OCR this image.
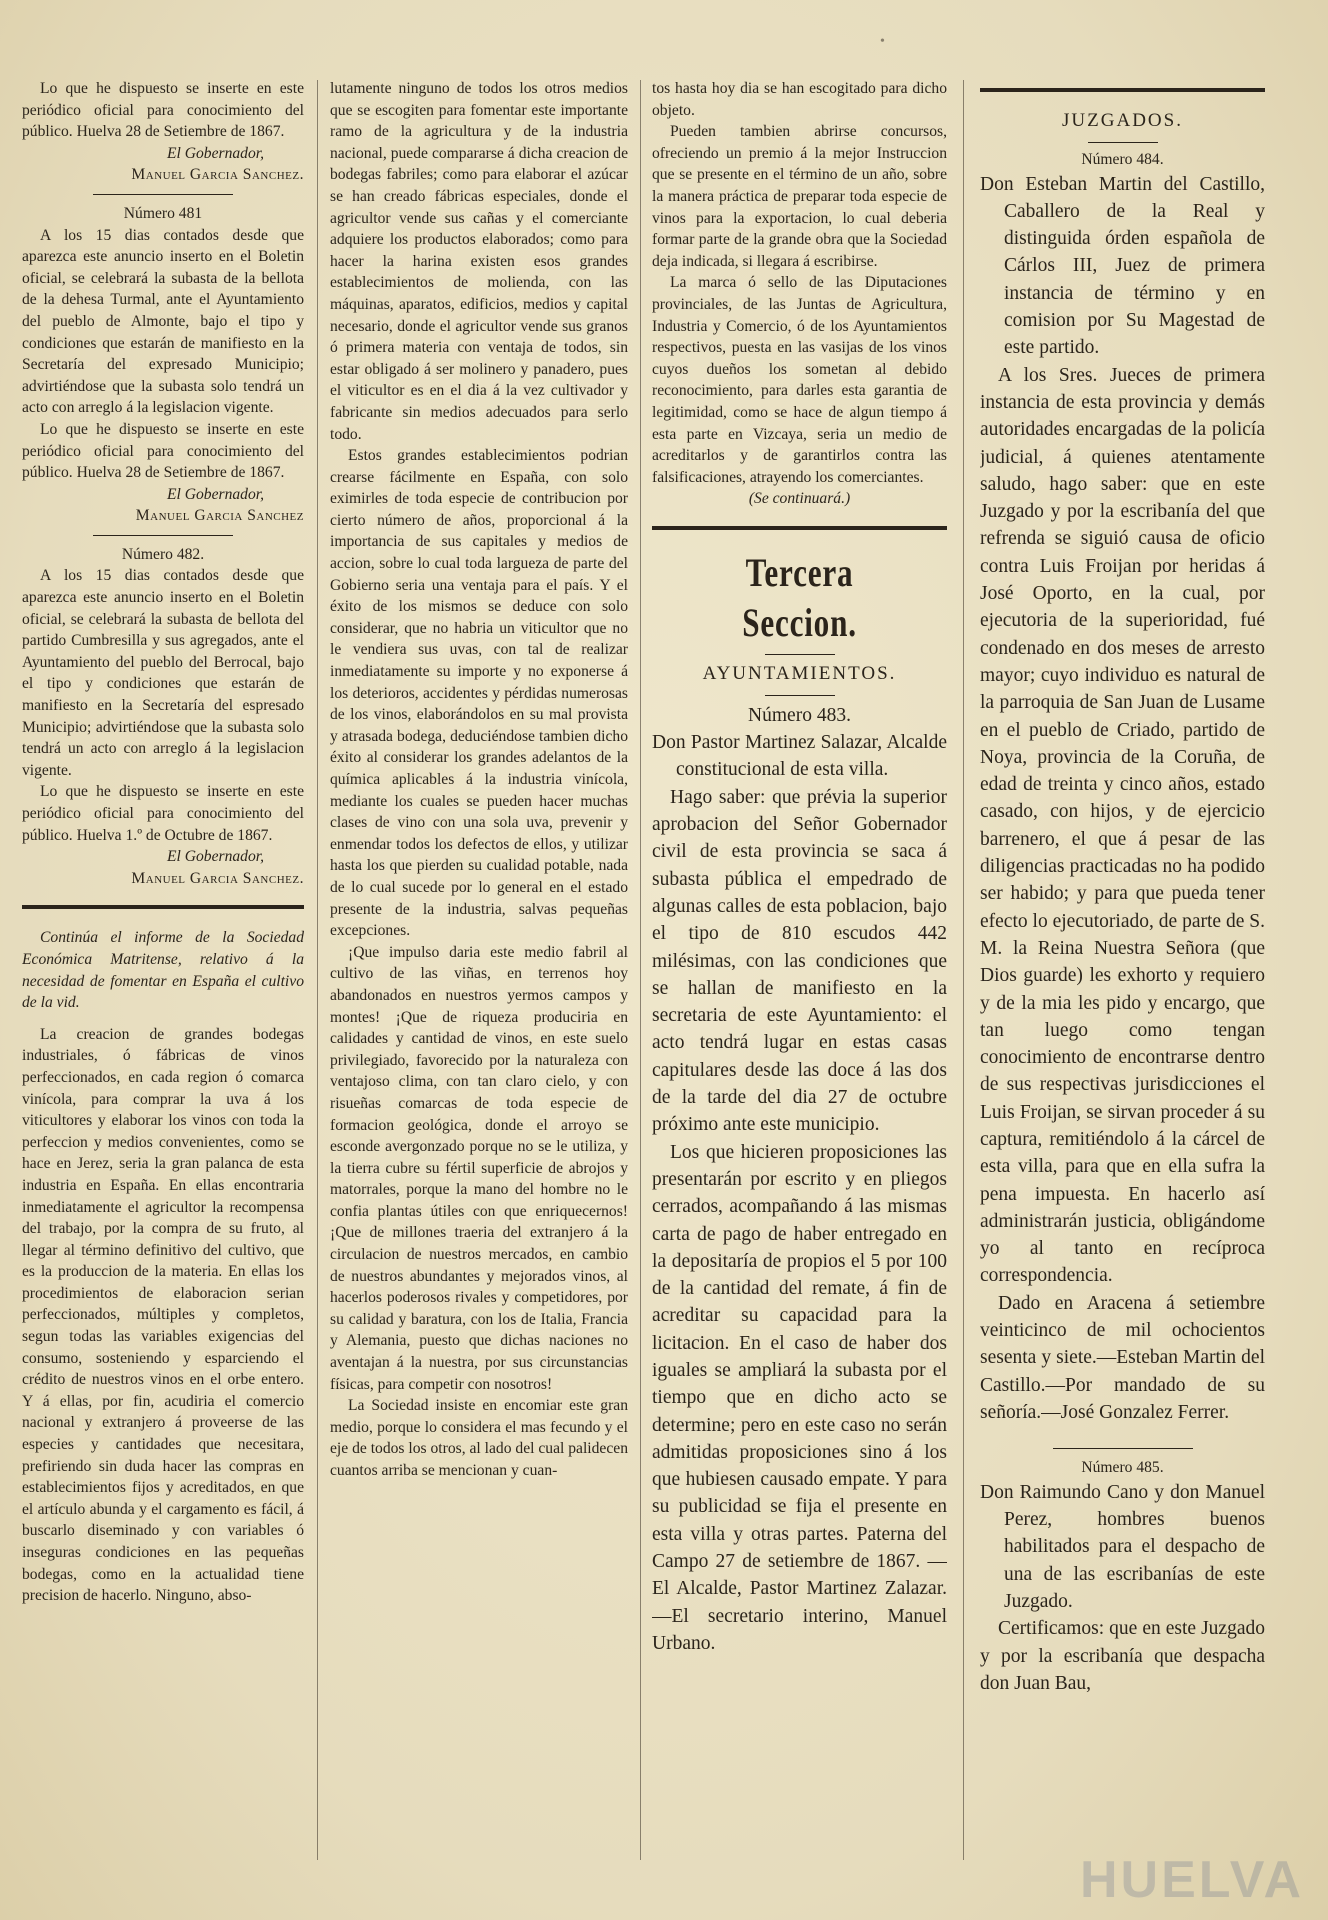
•

Lo que he dispuesto se inserte en este periódico oficial para conocimiento del público. Huelva 28 de Setiembre de 1867.

El Gobernador,

Manuel Garcia Sanchez.

Número 481

A los 15 dias contados desde que aparezca este anuncio inserto en el Boletin oficial, se celebrará la subasta de la bellota de la dehesa Turmal, ante el Ayuntamiento del pueblo de Almonte, bajo el tipo y condiciones que estarán de manifiesto en la Secretaría del expresado Municipio; advirtiéndose que la subasta solo tendrá un acto con arreglo á la legislacion vigente.

Lo que he dispuesto se inserte en este periódico oficial para conocimiento del público. Huelva 28 de Setiembre de 1867.

El Gobernador,

Manuel Garcia Sanchez

Número 482.

A los 15 dias contados desde que aparezca este anuncio inserto en el Boletin oficial, se celebrará la subasta de bellota del partido Cumbresilla y sus agregados, ante el Ayuntamiento del pueblo del Berrocal, bajo el tipo y condiciones que estarán de manifiesto en la Secretaría del espresado Municipio; advirtiéndose que la subasta solo tendrá un acto con arreglo á la legislacion vigente.

Lo que he dispuesto se inserte en este periódico oficial para conocimiento del público. Huelva 1.º de Octubre de 1867.

El Gobernador,

Manuel Garcia Sanchez.

Continúa el informe de la Sociedad Económica Matritense, relativo á la necesidad de fomentar en España el cultivo de la vid.

La creacion de grandes bodegas industriales, ó fábricas de vinos perfeccionados, en cada region ó comarca vinícola, para comprar la uva á los viticultores y elaborar los vinos con toda la perfeccion y medios convenientes, como se hace en Jerez, seria la gran palanca de esta industria en España. En ellas encontraria inmediatamente el agricultor la recompensa del trabajo, por la compra de su fruto, al llegar al término definitivo del cultivo, que es la produccion de la materia. En ellas los procedimientos de elaboracion serian perfeccionados, múltiples y completos, segun todas las variables exigencias del consumo, sosteniendo y esparciendo el crédito de nuestros vinos en el orbe entero. Y á ellas, por fin, acudiria el comercio nacional y extranjero á proveerse de las especies y cantidades que necesitara, prefiriendo sin duda hacer las compras en establecimientos fijos y acreditados, en que el artículo abunda y el cargamento es fácil, á buscarlo diseminado y con variables ó inseguras condiciones en las pequeñas bodegas, como en la actualidad tiene precision de hacerlo. Ninguno, abso-

lutamente ninguno de todos los otros medios que se escogiten para fomentar este importante ramo de la agricultura y de la industria nacional, puede compararse á dicha creacion de bodegas fabriles; como para elaborar el azúcar se han creado fábricas especiales, donde el agricultor vende sus cañas y el comerciante adquiere los productos elaborados; como para hacer la harina existen esos grandes establecimientos de molienda, con las máquinas, aparatos, edificios, medios y capital necesario, donde el agricultor vende sus granos ó primera materia con ventaja de todos, sin estar obligado á ser molinero y panadero, pues el viticultor es en el dia á la vez cultivador y fabricante sin medios adecuados para serlo todo.

Estos grandes establecimientos podrian crearse fácilmente en España, con solo eximirles de toda especie de contribucion por cierto número de años, proporcional á la importancia de sus capitales y medios de accion, sobre lo cual toda largueza de parte del Gobierno seria una ventaja para el país. Y el éxito de los mismos se deduce con solo considerar, que no habria un viticultor que no le vendiera sus uvas, con tal de realizar inmediatamente su importe y no exponerse á los deterioros, accidentes y pérdidas numerosas de los vinos, elaborándolos en su mal provista y atrasada bodega, deduciéndose tambien dicho éxito al considerar los grandes adelantos de la química aplicables á la industria vinícola, mediante los cuales se pueden hacer muchas clases de vino con una sola uva, prevenir y enmendar todos los defectos de ellos, y utilizar hasta los que pierden su cualidad potable, nada de lo cual sucede por lo general en el estado presente de la industria, salvas pequeñas excepciones.

¡Que impulso daria este medio fabril al cultivo de las viñas, en terrenos hoy abandonados en nuestros yermos campos y montes! ¡Que de riqueza produciria en calidades y cantidad de vinos, en este suelo privilegiado, favorecido por la naturaleza con ventajoso clima, con tan claro cielo, y con risueñas comarcas de toda especie de formacion geológica, donde el arroyo se esconde avergonzado porque no se le utiliza, y la tierra cubre su fértil superficie de abrojos y matorrales, porque la mano del hombre no le confia plantas útiles con que enriquecernos! ¡Que de millones traeria del extranjero á la circulacion de nuestros mercados, en cambio de nuestros abundantes y mejorados vinos, al hacerlos poderosos rivales y competidores, por su calidad y baratura, con los de Italia, Francia y Alemania, puesto que dichas naciones no aventajan á la nuestra, por sus circunstancias físicas, para competir con nosotros!

La Sociedad insiste en encomiar este gran medio, porque lo considera el mas fecundo y el eje de todos los otros, al lado del cual palidecen cuantos arriba se mencionan y cuan-

tos hasta hoy dia se han escogitado para dicho objeto.

Pueden tambien abrirse concursos, ofreciendo un premio á la mejor Instruccion que se presente en el término de un año, sobre la manera práctica de preparar toda especie de vinos para la exportacion, lo cual deberia formar parte de la grande obra que la Sociedad deja indicada, si llegara á escribirse.

La marca ó sello de las Diputaciones provinciales, de las Juntas de Agricultura, Industria y Comercio, ó de los Ayuntamientos respectivos, puesta en las vasijas de los vinos cuyos dueños los sometan al debido reconocimiento, para darles esta garantia de legitimidad, como se hace de algun tiempo á esta parte en Vizcaya, seria un medio de acreditarlos y de garantirlos contra las falsificaciones, atrayendo los comerciantes.

(Se continuará.)

Tercera Seccion.
AYUNTAMIENTOS.

Número 483.

Don Pastor Martinez Salazar, Alcalde constitucional de esta villa.

Hago saber: que prévia la superior aprobacion del Señor Gobernador civil de esta provincia se saca á subasta pública el empedrado de algunas calles de esta poblacion, bajo el tipo de 810 escudos 442 milésimas, con las condiciones que se hallan de manifiesto en la secretaria de este Ayuntamiento: el acto tendrá lugar en estas casas capitulares desde las doce á las dos de la tarde del dia 27 de octubre próximo ante este municipio.

Los que hicieren proposiciones las presentarán por escrito y en pliegos cerrados, acompañando á las mismas carta de pago de haber entregado en la depositaría de propios el 5 por 100 de la cantidad del remate, á fin de acreditar su capacidad para la licitacion. En el caso de haber dos iguales se ampliará la subasta por el tiempo que en dicho acto se determine; pero en este caso no serán admitidas proposiciones sino á los que hubiesen causado empate. Y para su publicidad se fija el presente en esta villa y otras partes. Paterna del Campo 27 de setiembre de 1867. —El Alcalde, Pastor Martinez Zalazar.—El secretario interino, Manuel Urbano.

JUZGADOS.

Número 484.

Don Esteban Martin del Castillo, Caballero de la Real y distinguida órden española de Cárlos III, Juez de primera instancia de término y en comision por Su Magestad de este partido.

A los Sres. Jueces de primera instancia de esta provincia y demás autoridades encargadas de la policía judicial, á quienes atentamente saludo, hago saber: que en este Juzgado y por la escribanía del que refrenda se siguió causa de oficio contra Luis Froijan por heridas á José Oporto, en la cual, por ejecutoria de la superioridad, fué condenado en dos meses de arresto mayor; cuyo individuo es natural de la parroquia de San Juan de Lusame en el pueblo de Criado, partido de Noya, provincia de la Coruña, de edad de treinta y cinco años, estado casado, con hijos, y de ejercicio barrenero, el que á pesar de las diligencias practicadas no ha podido ser habido; y para que pueda tener efecto lo ejecutoriado, de parte de S. M. la Reina Nuestra Señora (que Dios guarde) les exhorto y requiero y de la mia les pido y encargo, que tan luego como tengan conocimiento de encontrarse dentro de sus respectivas jurisdicciones el Luis Froijan, se sirvan proceder á su captura, remitiéndolo á la cárcel de esta villa, para que en ella sufra la pena impuesta. En hacerlo así administrarán justicia, obligándome yo al tanto en recíproca correspondencia.

Dado en Aracena á setiembre veinticinco de mil ochocientos sesenta y siete.—Esteban Martin del Castillo.—Por mandado de su señoría.—José Gonzalez Ferrer.

Número 485.

Don Raimundo Cano y don Manuel Perez, hombres buenos habilitados para el despacho de una de las escribanías de este Juzgado.

Certificamos: que en este Juzgado y por la escribanía que despacha don Juan Bau,

HUELVA
